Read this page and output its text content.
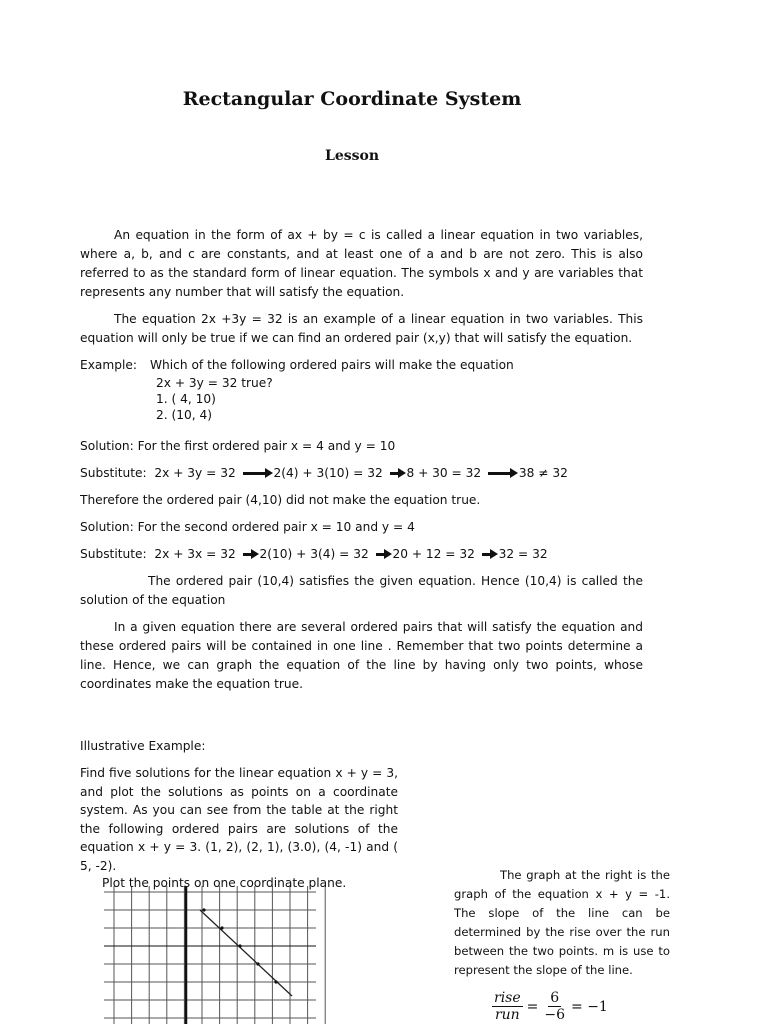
Rectangular Coordinate System
Lesson

An equation in the form of ax + by = c is called a linear equation in two variables, where a, b, and c are constants, and at least one of a and b are not zero. This is also referred to as the standard form of linear equation. The symbols x and y are variables that represents any number that will satisfy the equation.

The equation 2x +3y = 32 is an example of a linear equation in two variables. This equation will only be true if we can find an ordered pair (x,y) that will satisfy the equation.

Example:	Which of the following ordered pairs will make the equation
2x + 3y = 32 true?
1. ( 4, 10)
2. (10, 4)

Solution: For the first ordered pair x = 4 and y = 10

Substitute: 2x + 3y = 32	2(4) + 3(10) = 32 8 + 30 = 32	38 ≠ 32

Therefore the ordered pair (4,10) did not make the equation true.

Solution: For the second ordered pair x = 10 and y = 4

Substitute: 2x + 3x = 32 2(10) + 3(4) = 32 20 + 12 = 32 32 = 32

The ordered pair (10,4) satisfies the given equation. Hence (10,4) is called the solution of the equation

In a given equation there are several ordered pairs that will satisfy the equation and these ordered pairs will be contained in one line . Remember that two points determine a line. Hence, we can graph the equation of the line by having only two points, whose coordinates make the equation true.

Illustrative Example:

Find five solutions for the linear equation x + y = 3, and plot the solutions as points on a coordinate system. As you can see from the table at the right the following ordered pairs are solutions of the equation x + y = 3. (1, 2), (2, 1), (3.0), (4, -1) and ( 5, -2).

Plot the points on one coordinate plane.

The graph at the right is the graph of the equation x + y = -1. The slope of the line can be determined by the rise over the run between the two points. m is use to represent the slope of the line.

$\frac{\text{rise}}{\text{run}} = \frac{6}{-6} = -1$
